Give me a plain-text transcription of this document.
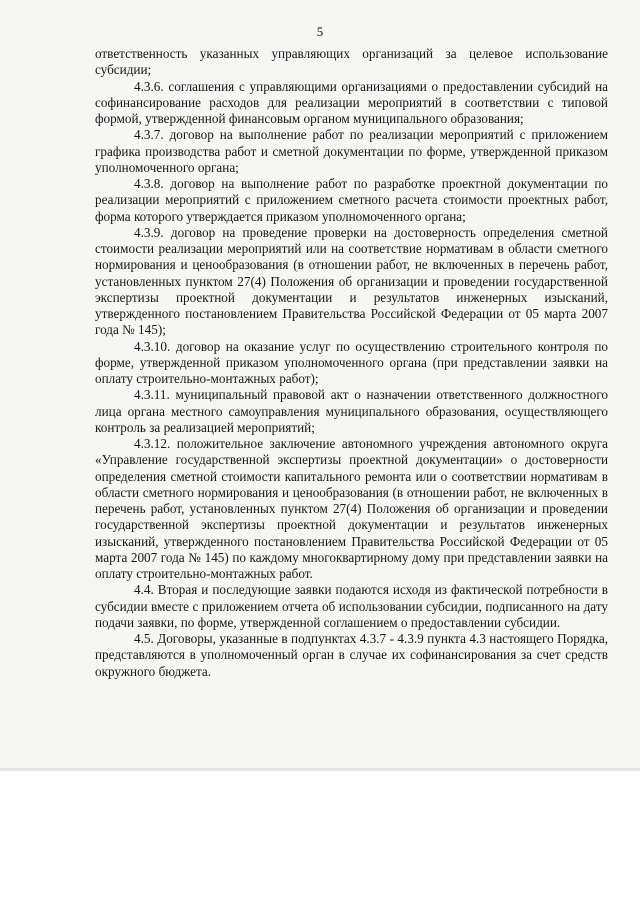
5

ответственность указанных управляющих организаций за целевое использование субсидии;

4.3.6. соглашения с управляющими организациями о предоставлении субсидий на софинансирование расходов для реализации мероприятий в соответствии с типовой формой, утвержденной финансовым органом муниципального образования;

4.3.7. договор на выполнение работ по реализации мероприятий с приложением графика производства работ и сметной документации по форме, утвержденной приказом уполномоченного органа;

4.3.8. договор на выполнение работ по разработке проектной документации по реализации мероприятий с приложением сметного расчета стоимости проектных работ, форма которого утверждается приказом уполномоченного органа;

4.3.9. договор на проведение проверки на достоверность определения сметной стоимости реализации мероприятий или на соответствие нормативам в области сметного нормирования и ценообразования (в отношении работ, не включенных в перечень работ, установленных пунктом 27(4) Положения об организации и проведении государственной экспертизы проектной документации и результатов инженерных изысканий, утвержденного постановлением Правительства Российской Федерации от 05 марта 2007 года № 145);

4.3.10. договор на оказание услуг по осуществлению строительного контроля по форме, утвержденной приказом уполномоченного органа (при представлении заявки на оплату строительно-монтажных работ);

4.3.11. муниципальный правовой акт о назначении ответственного должностного лица органа местного самоуправления муниципального образования, осуществляющего контроль за реализацией мероприятий;

4.3.12. положительное заключение автономного учреждения автономного округа «Управление государственной экспертизы проектной документации» о достоверности определения сметной стоимости капитального ремонта или о соответствии нормативам в области сметного нормирования и ценообразования (в отношении работ, не включенных в перечень работ, установленных пунктом 27(4) Положения об организации и проведении государственной экспертизы проектной документации и результатов инженерных изысканий, утвержденного постановлением Правительства Российской Федерации от 05 марта 2007 года № 145) по каждому многоквартирному дому при представлении заявки на оплату строительно-монтажных работ.

4.4. Вторая и последующие заявки подаются исходя из фактической потребности в субсидии вместе с приложением отчета об использовании субсидии, подписанного на дату подачи заявки, по форме, утвержденной соглашением о предоставлении субсидии.

4.5. Договоры, указанные в подпунктах 4.3.7 - 4.3.9 пункта 4.3 настоящего Порядка, представляются в уполномоченный орган в случае их софинансирования за счет средств окружного бюджета.
